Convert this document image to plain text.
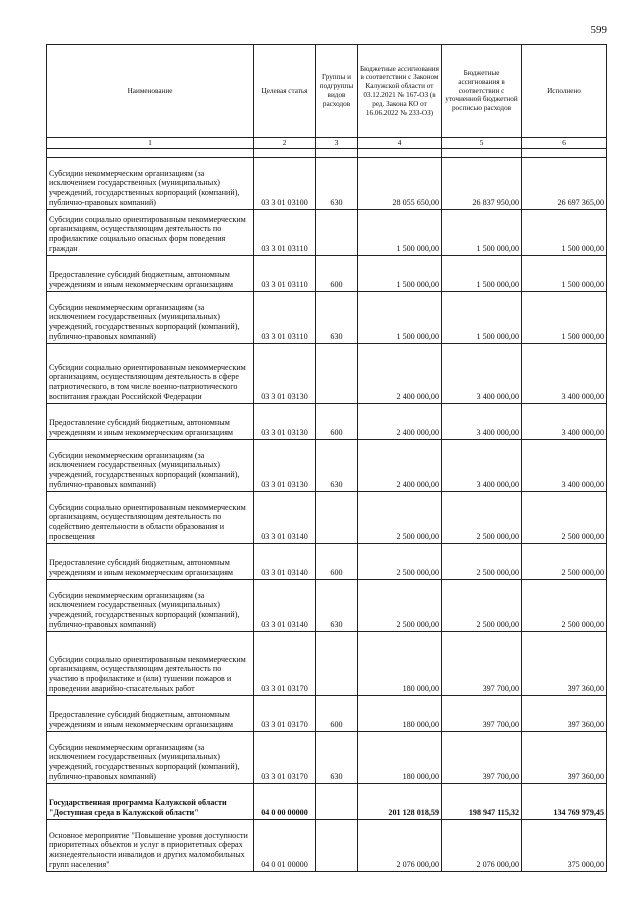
599
Наименование	Целевая статья	Группы и подгруппы видов расходов	Бюджетные ассигнования в соответствии с Законом Калужской области от 03.12.2021 № 167-ОЗ (в ред. Закона КО от 16.06.2022 № 233-ОЗ)	Бюджетные ассигнования в соответствии с уточненной бюджетной росписью расходов	Исполнено
1	2	3	4	5	6

Субсидии некоммерческим организациям (за исключением государственных (муниципальных) учреждений, государственных корпораций (компаний), публично-правовых компаний)	03 3 01 03100	630	28 055 650,00	26 837 950,00	26 697 365,00
Субсидии социально ориентированным некоммерческим организациям, осуществляющим деятельность по профилактике социально опасных форм поведения граждан	03 3 01 03110		1 500 000,00	1 500 000,00	1 500 000,00
Предоставление субсидий бюджетным, автономным учреждениям и иным некоммерческим организациям	03 3 01 03110	600	1 500 000,00	1 500 000,00	1 500 000,00
Субсидии некоммерческим организациям (за исключением государственных (муниципальных) учреждений, государственных корпораций (компаний), публично-правовых компаний)	03 3 01 03110	630	1 500 000,00	1 500 000,00	1 500 000,00
Субсидии социально ориентированным некоммерческим организациям, осуществляющим деятельность в сфере патриотического, в том числе военно-патриотического воспитания граждан Российской Федерации	03 3 01 03130		2 400 000,00	3 400 000,00	3 400 000,00
Предоставление субсидий бюджетным, автономным учреждениям и иным некоммерческим организациям	03 3 01 03130	600	2 400 000,00	3 400 000,00	3 400 000,00
Субсидии некоммерческим организациям (за исключением государственных (муниципальных) учреждений, государственных корпораций (компаний), публично-правовых компаний)	03 3 01 03130	630	2 400 000,00	3 400 000,00	3 400 000,00
Субсидии социально ориентированным некоммерческим организациям, осуществляющим деятельность по содействию деятельности в области образования и просвещения	03 3 01 03140		2 500 000,00	2 500 000,00	2 500 000,00
Предоставление субсидий бюджетным, автономным учреждениям и иным некоммерческим организациям	03 3 01 03140	600	2 500 000,00	2 500 000,00	2 500 000,00
Субсидии некоммерческим организациям (за исключением государственных (муниципальных) учреждений, государственных корпораций (компаний), публично-правовых компаний)	03 3 01 03140	630	2 500 000,00	2 500 000,00	2 500 000,00
Субсидии социально ориентированным некоммерческим организациям, осуществляющим деятельность по участию в профилактике и (или) тушении пожаров и проведении аварийно-спасательных работ	03 3 01 03170		180 000,00	397 700,00	397 360,00
Предоставление субсидий бюджетным, автономным учреждениям и иным некоммерческим организациям	03 3 01 03170	600	180 000,00	397 700,00	397 360,00
Субсидии некоммерческим организациям (за исключением государственных (муниципальных) учреждений, государственных корпораций (компаний), публично-правовых компаний)	03 3 01 03170	630	180 000,00	397 700,00	397 360,00
Государственная программа Калужской области "Доступная среда в Калужской области"	04 0 00 00000		201 128 018,59	198 947 115,32	134 769 979,45
Основное мероприятие "Повышение уровня доступности приоритетных объектов и услуг в приоритетных сферах жизнедеятельности инвалидов и других маломобильных групп населения"	04 0 01 00000		2 076 000,00	2 076 000,00	375 000,00
